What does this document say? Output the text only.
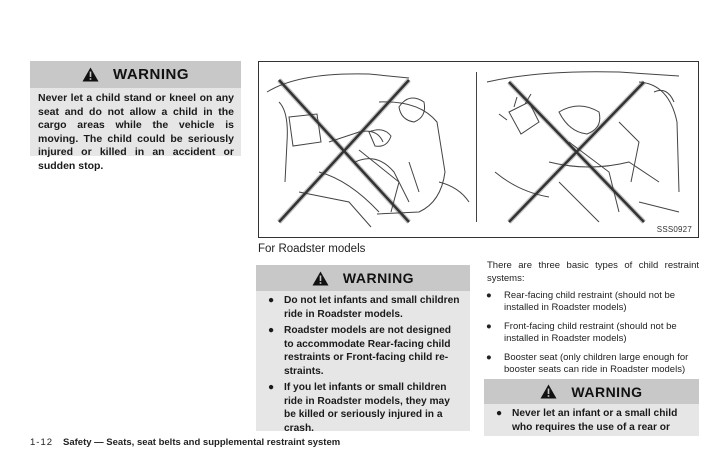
WARNING
Never let a child stand or kneel on any seat and do not allow a child in the cargo areas while the vehicle is moving. The child could be seriously injured or killed in an accident or sudden stop.
SSS0927
For Roadster models
WARNING
● Do not let infants and small children ride in Roadster models.
● Roadster models are not designed to accommodate Rear-facing child restraints or Front-facing child re-straints.
● If you let infants or small children ride in Roadster models, they may be killed or seriously injured in a crash.
There are three basic types of child restraint systems:
● Rear-facing child restraint (should not be installed in Roadster models)
● Front-facing child restraint (should not be installed in Roadster models)
● Booster seat (only children large enough for booster seats can ride in Roadster models)
WARNING
● Never let an infant or a small child who requires the use of a rear or
1-12 Safety — Seats, seat belts and supplemental restraint system
